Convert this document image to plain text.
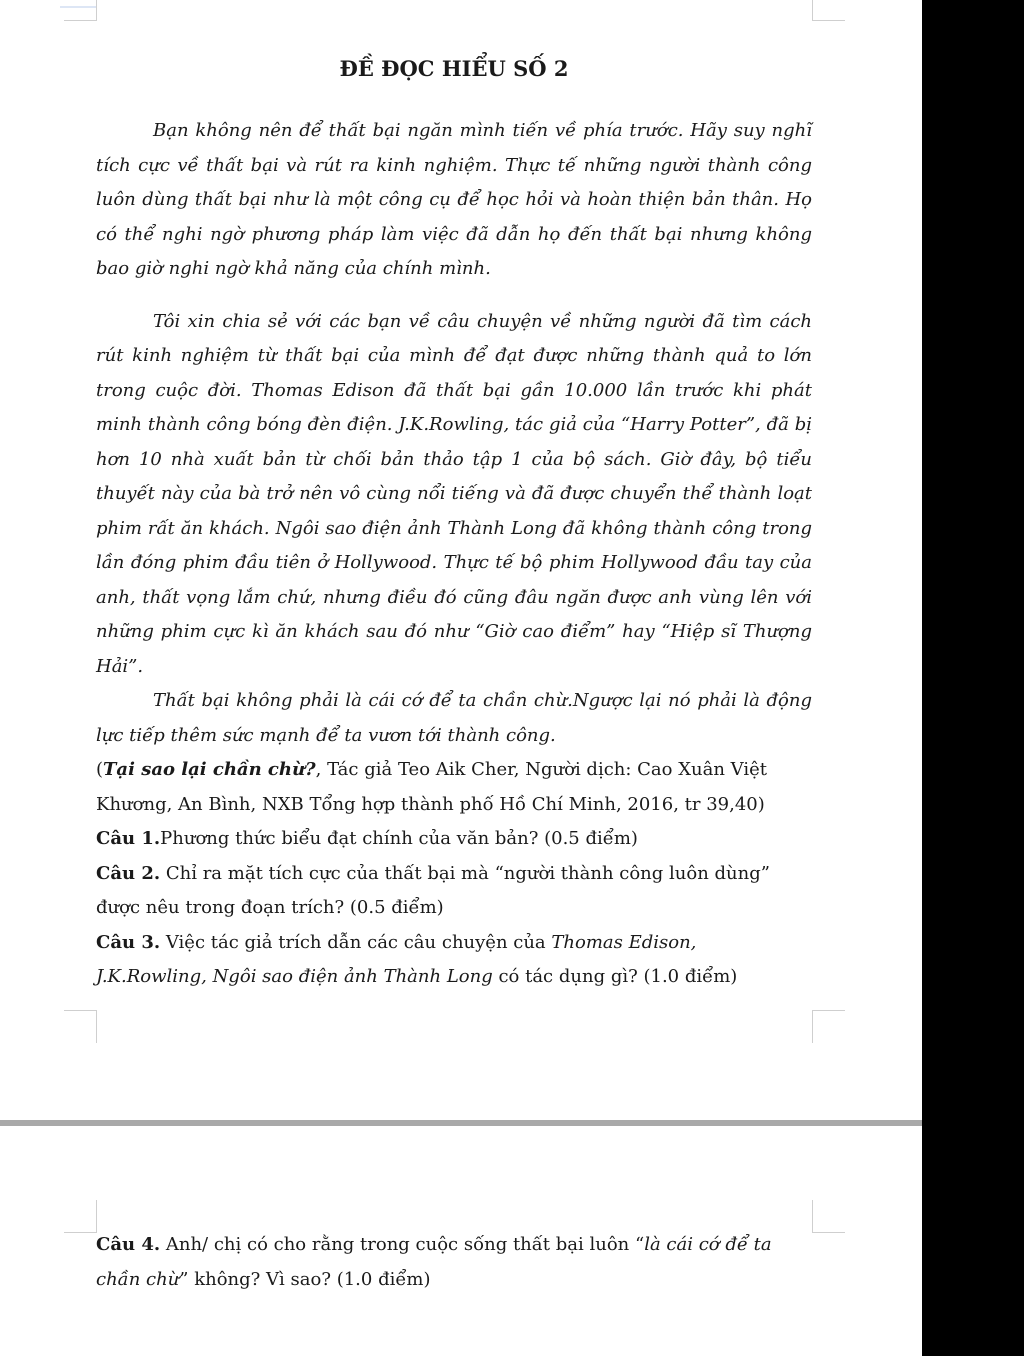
ĐỀ ĐỌC HIỂU SỐ 2

Bạn không nên để thất bại ngăn mình tiến về phía trước. Hãy suy nghĩ tích cực về thất bại và rút ra kinh nghiệm. Thực tế những người thành công luôn dùng thất bại như là một công cụ để học hỏi và hoàn thiện bản thân. Họ có thể nghi ngờ phương pháp làm việc đã dẫn họ đến thất bại nhưng không bao giờ nghi ngờ khả năng của chính mình.

Tôi xin chia sẻ với các bạn về câu chuyện về những người đã tìm cách rút kinh nghiệm từ thất bại của mình để đạt được những thành quả to lớn trong cuộc đời. Thomas Edison đã thất bại gần 10.000 lần trước khi phát minh thành công bóng đèn điện. J.K.Rowling, tác giả của “Harry Potter”, đã bị hơn 10 nhà xuất bản từ chối bản thảo tập 1 của bộ sách. Giờ đây, bộ tiểu thuyết này của bà trở nên vô cùng nổi tiếng và đã được chuyển thể thành loạt phim rất ăn khách. Ngôi sao điện ảnh Thành Long đã không thành công trong lần đóng phim đầu tiên ở Hollywood. Thực tế bộ phim Hollywood đầu tay của anh, thất vọng lắm chứ, nhưng điều đó cũng đâu ngăn được anh vùng lên với những phim cực kì ăn khách sau đó như “Giờ cao điểm” hay “Hiệp sĩ Thượng Hải”.

Thất bại không phải là cái cớ để ta chần chừ.Ngược lại nó phải là động lực tiếp thêm sức mạnh để ta vươn tới thành công.

(Tại sao lại chần chừ?, Tác giả Teo Aik Cher, Người dịch: Cao Xuân Việt Khương, An Bình, NXB Tổng hợp thành phố Hồ Chí Minh, 2016, tr 39,40)

Câu 1.Phương thức biểu đạt chính của văn bản? (0.5 điểm)

Câu 2. Chỉ ra mặt tích cực của thất bại mà “người thành công luôn dùng” được nêu trong đoạn trích? (0.5 điểm)

Câu 3. Việc tác giả trích dẫn các câu chuyện của Thomas Edison, J.K.Rowling, Ngôi sao điện ảnh Thành Long có tác dụng gì? (1.0 điểm)

Câu 4. Anh/ chị có cho rằng trong cuộc sống thất bại luôn “là cái cớ để ta chần chừ” không? Vì sao? (1.0 điểm)
